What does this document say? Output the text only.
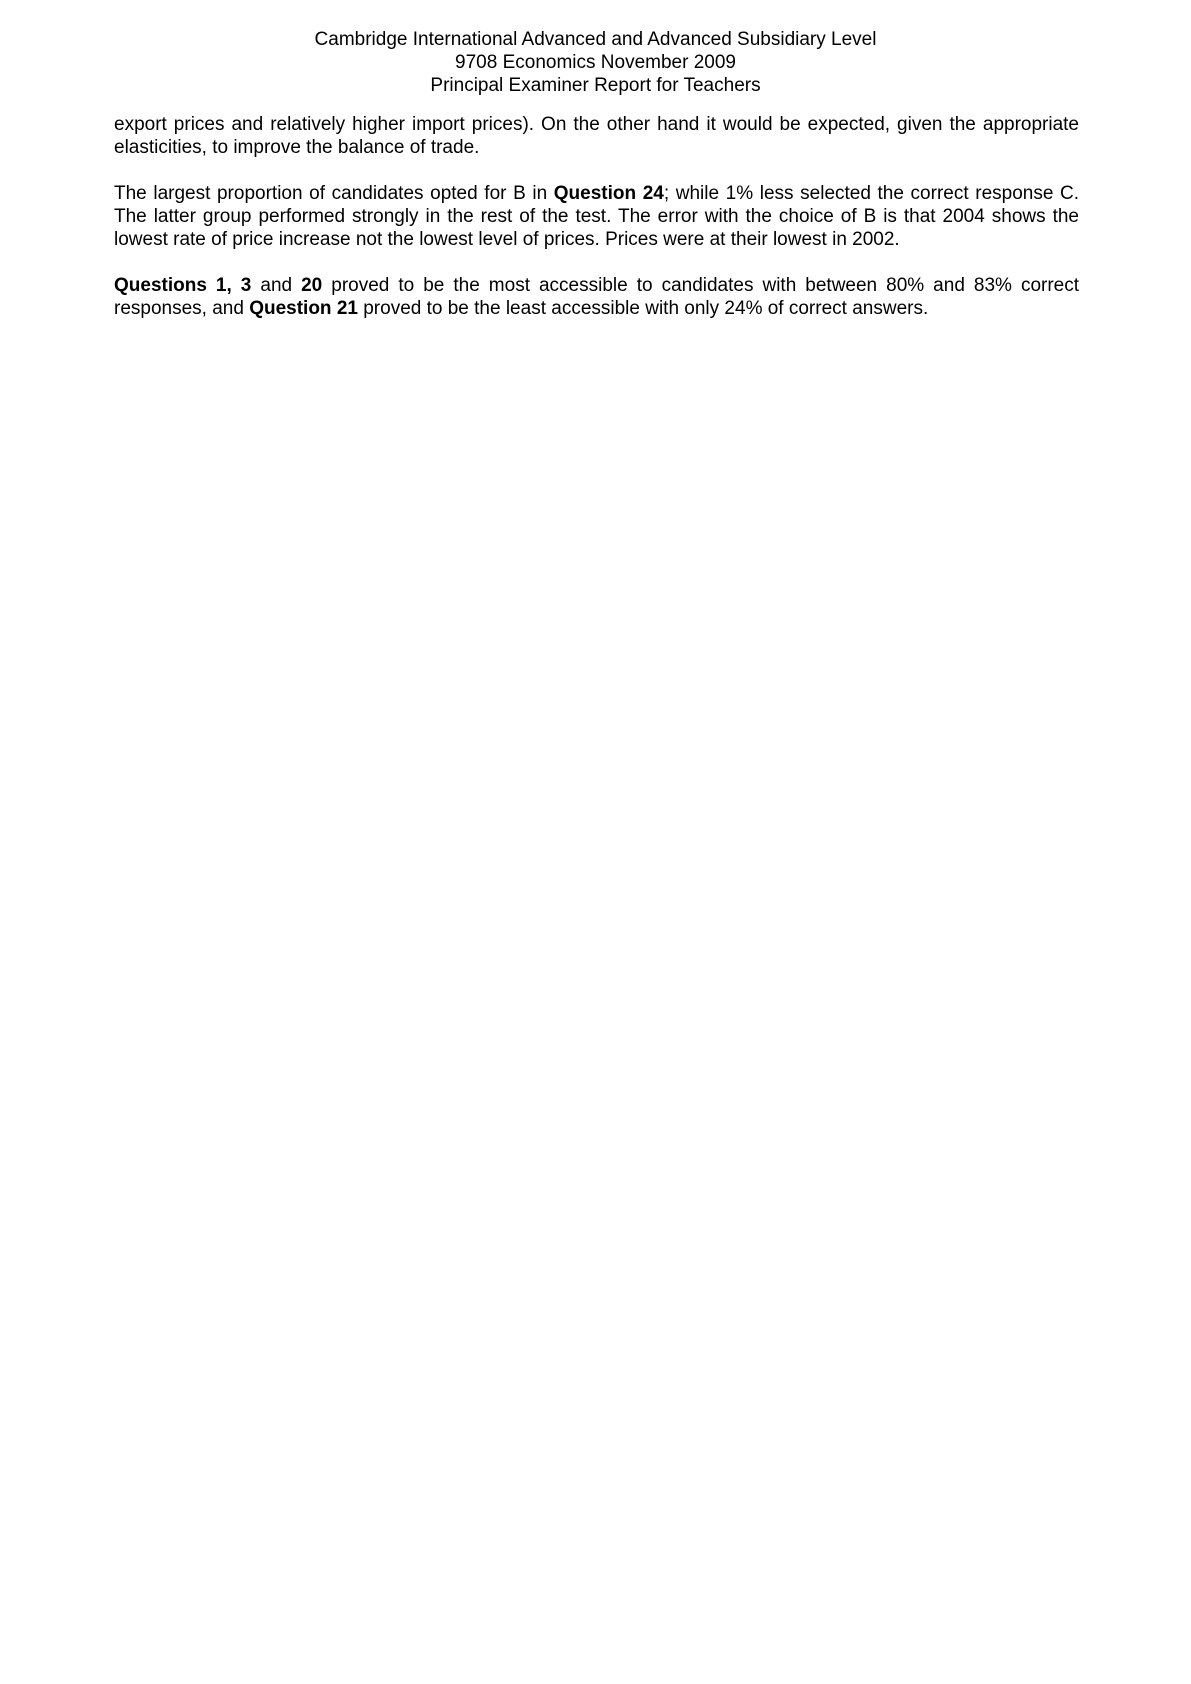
Cambridge International Advanced and Advanced Subsidiary Level
9708 Economics November 2009
Principal Examiner Report for Teachers

export prices and relatively higher import prices). On the other hand it would be expected, given the appropriate elasticities, to improve the balance of trade.

The largest proportion of candidates opted for B in Question 24; while 1% less selected the correct response C. The latter group performed strongly in the rest of the test. The error with the choice of B is that 2004 shows the lowest rate of price increase not the lowest level of prices. Prices were at their lowest in 2002.

Questions 1, 3 and 20 proved to be the most accessible to candidates with between 80% and 83% correct responses, and Question 21 proved to be the least accessible with only 24% of correct answers.
